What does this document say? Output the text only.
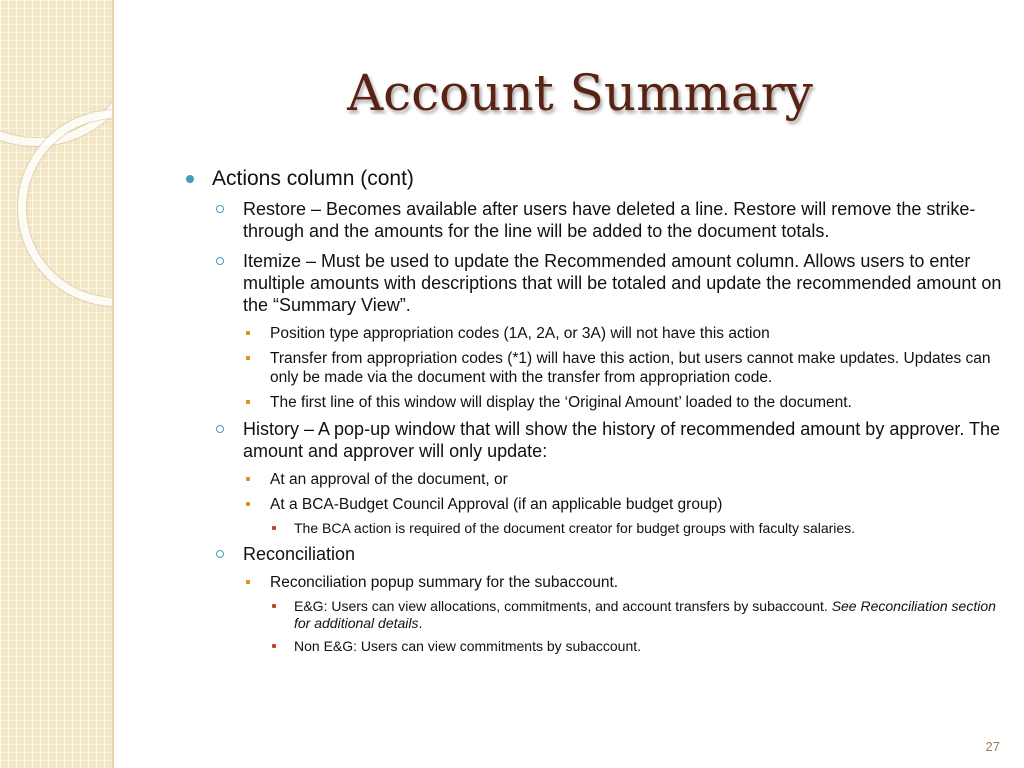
Account Summary
Actions column (cont)
Restore – Becomes available after users have deleted a line. Restore will remove the strike-through and the amounts for the line will be added to the document totals.
Itemize – Must be used to update the Recommended amount column. Allows users to enter multiple amounts with descriptions that will be totaled and update the recommended amount on the “Summary View”.
Position type appropriation codes (1A, 2A, or 3A) will not have this action
Transfer from appropriation codes (*1) will have this action, but users cannot make updates. Updates can only be made via the document with the transfer from appropriation code.
The first line of this window will display the ‘Original Amount’ loaded to the document.
History – A pop-up window that will show the history of recommended amount by approver. The amount and approver will only update:
At an approval of the document, or
At a BCA-Budget Council Approval (if an applicable budget group)
The BCA action is required of the document creator for budget groups with faculty salaries.
Reconciliation
Reconciliation popup summary for the subaccount.
E&G: Users can view allocations, commitments, and account transfers by subaccount. See Reconciliation section for additional details.
Non E&G: Users can view commitments by subaccount.
27
